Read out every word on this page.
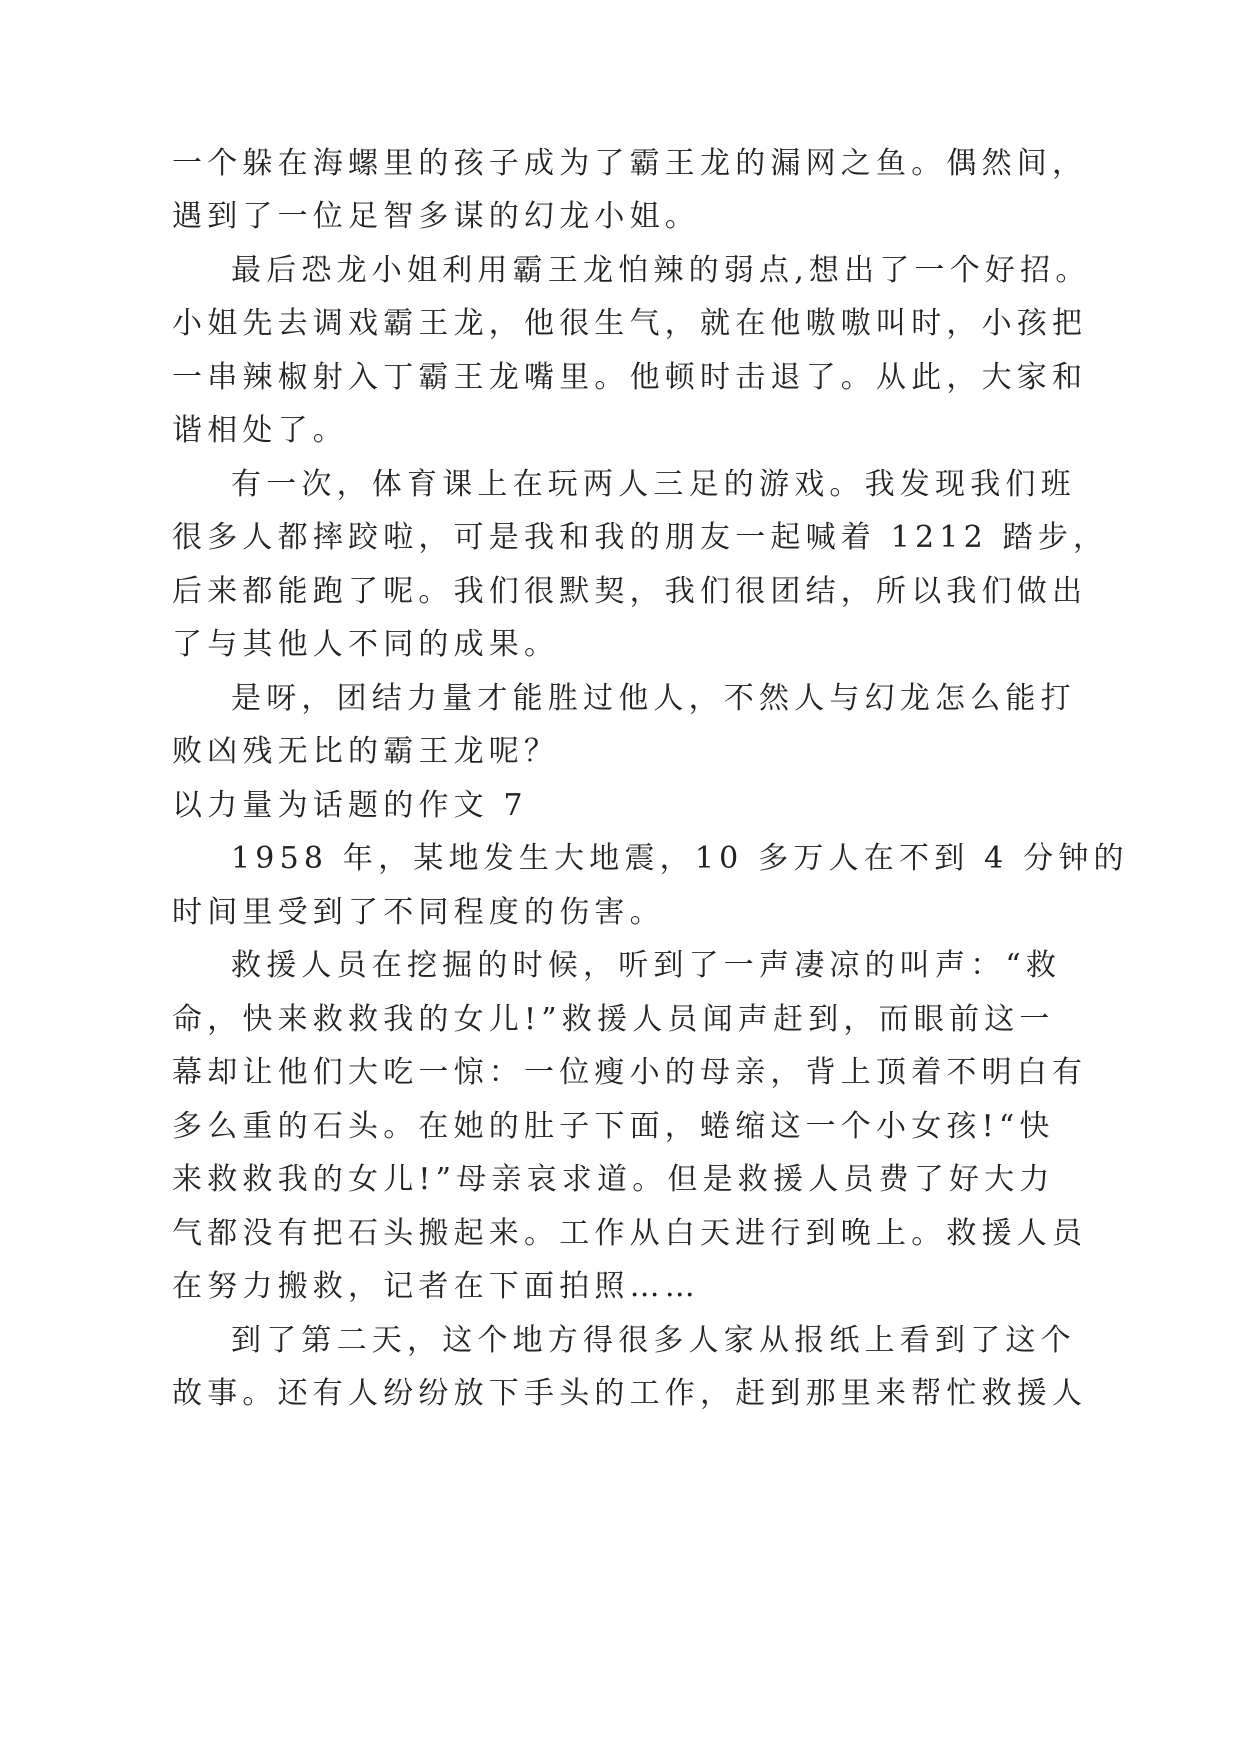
一个躲在海螺里的孩子成为了霸王龙的漏网之鱼。偶然间，
遇到了一位足智多谋的幻龙小姐。
最后恐龙小姐利用霸王龙怕辣的弱点,想出了一个好招。
小姐先去调戏霸王龙，他很生气，就在他嗷嗷叫时，小孩把
一串辣椒射入丁霸王龙嘴里。他顿时击退了。从此，大家和
谐相处了。
有一次，体育课上在玩两人三足的游戏。我发现我们班
很多人都摔跤啦，可是我和我的朋友一起喊着 1212 踏步，
后来都能跑了呢。我们很默契，我们很团结，所以我们做出
了与其他人不同的成果。
是呀，团结力量才能胜过他人，不然人与幻龙怎么能打
败凶残无比的霸王龙呢？
以力量为话题的作文 7
1958 年，某地发生大地震，10 多万人在不到 4 分钟的
时间里受到了不同程度的伤害。
救援人员在挖掘的时候，听到了一声凄凉的叫声：“救
命，快来救救我的女儿!”救援人员闻声赶到，而眼前这一
幕却让他们大吃一惊：一位瘦小的母亲，背上顶着不明白有
多么重的石头。在她的肚子下面，蜷缩这一个小女孩!“快
来救救我的女儿!”母亲哀求道。但是救援人员费了好大力
气都没有把石头搬起来。工作从白天进行到晚上。救援人员
在努力搬救，记者在下面拍照……
到了第二天，这个地方得很多人家从报纸上看到了这个
故事。还有人纷纷放下手头的工作，赶到那里来帮忙救援人
